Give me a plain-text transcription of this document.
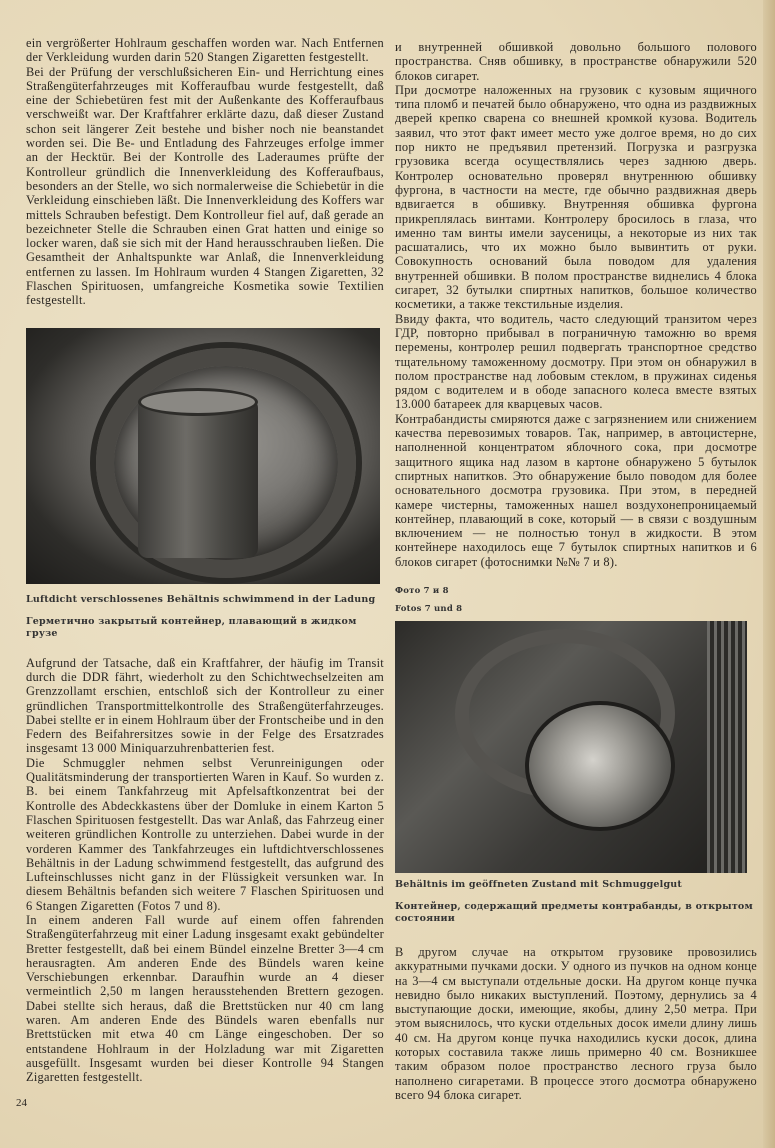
ein vergrößerter Hohlraum geschaffen worden war. Nach Entfernen der Verkleidung wurden darin 520 Stangen Zigaretten festgestellt.

Bei der Prüfung der verschlußsicheren Ein- und Herrichtung eines Straßengüterfahrzeuges mit Kofferaufbau wurde festgestellt, daß eine der Schiebetüren fest mit der Außenkante des Kofferaufbaus verschweißt war. Der Kraftfahrer erklärte dazu, daß dieser Zustand schon seit längerer Zeit bestehe und bisher noch nie beanstandet worden sei. Die Be- und Entladung des Fahrzeuges erfolge immer an der Hecktür. Bei der Kontrolle des Laderaumes prüfte der Kontrolleur gründlich die Innenverkleidung des Kofferaufbaus, besonders an der Stelle, wo sich normalerweise die Schiebetür in die Verkleidung einschieben läßt. Die Innenverkleidung des Koffers war mittels Schrauben befestigt. Dem Kontrolleur fiel auf, daß gerade an bezeichneter Stelle die Schrauben einen Grat hatten und einige so locker waren, daß sie sich mit der Hand herausschrauben ließen. Die Gesamtheit der Anhaltspunkte war Anlaß, die Innenverkleidung entfernen zu lassen. Im Hohlraum wurden 4 Stangen Zigaretten, 32 Flaschen Spirituosen, umfangreiche Kosmetika sowie Textilien festgestellt.

Luftdicht verschlossenes Behältnis schwimmend in der Ladung
Герметично закрытый контейнер, плавающий в жидком грузе

Aufgrund der Tatsache, daß ein Kraftfahrer, der häufig im Transit durch die DDR fährt, wiederholt zu den Schichtwechselzeiten am Grenzzollamt erschien, entschloß sich der Kontrolleur zu einer gründlichen Transportmittelkontrolle des Straßengüterfahrzeuges. Dabei stellte er in einem Hohlraum über der Frontscheibe und in den Federn des Beifahrersitzes sowie in der Felge des Ersatzrades insgesamt 13 000 Miniquarzuhrenbatterien fest.

Die Schmuggler nehmen selbst Verunreinigungen oder Qualitätsminderung der transportierten Waren in Kauf. So wurden z. B. bei einem Tankfahrzeug mit Apfelsaftkonzentrat bei der Kontrolle des Abdeckkastens über der Domluke in einem Karton 5 Flaschen Spirituosen festgestellt. Das war Anlaß, das Fahrzeug einer weiteren gründlichen Kontrolle zu unterziehen. Dabei wurde in der vorderen Kammer des Tankfahrzeuges ein luftdichtverschlossenes Behältnis in der Ladung schwimmend festgestellt, das aufgrund des Lufteinschlusses nicht ganz in der Flüssigkeit versunken war. In diesem Behältnis befanden sich weitere 7 Flaschen Spirituosen und 6 Stangen Zigaretten (Fotos 7 und 8).

In einem anderen Fall wurde auf einem offen fahrenden Straßengüterfahrzeug mit einer Ladung insgesamt exakt gebündelter Bretter festgestellt, daß bei einem Bündel einzelne Bretter 3—4 cm herausragten. Am anderen Ende des Bündels waren keine Verschiebungen erkennbar. Daraufhin wurde an 4 dieser vermeintlich 2,50 m langen herausstehenden Brettern gezogen. Dabei stellte sich heraus, daß die Brettstücken nur 40 cm lang waren. Am anderen Ende des Bündels waren ebenfalls nur Brettstücken mit etwa 40 cm Länge eingeschoben. Der so entstandene Hohlraum in der Holzladung war mit Zigaretten ausgefüllt. Insgesamt wurden bei dieser Kontrolle 94 Stangen Zigaretten festgestellt.

24

и внутренней обшивкой довольно большого полового пространства. Сняв обшивку, в пространстве обнаружили 520 блоков сигарет.

При досмотре наложенных на грузовик с кузовым ящичного типа пломб и печатей было обнаружено, что одна из раздвижных дверей крепко сварена со внешней кромкой кузова. Водитель заявил, что этот факт имеет место уже долгое время, но до сих пор никто не предъявил претензий. Погрузка и разгрузка грузовика всегда осуществлялись через заднюю дверь. Контролер основательно проверял внутреннюю обшивку фургона, в частности на месте, где обычно раздвижная дверь вдвигается в обшивку. Внутренняя обшивка фургона прикреплялась винтами. Контролеру бросилось в глаза, что именно там винты имели заусеницы, а некоторые из них так расшатались, что их можно было вывинтить от руки. Совокупность оснований была поводом для удаления внутренней обшивки. В полом пространстве виднелись 4 блока сигарет, 32 бутылки спиртных напитков, большое количество косметики, а также текстильные изделия.

Ввиду факта, что водитель, часто следующий транзитом через ГДР, повторно прибывал в пограничную таможню во время перемены, контролер решил подвергать транспортное средство тщательному таможенному досмотру. При этом он обнаружил в полом пространстве над лобовым стеклом, в пружинах сиденья рядом с водителем и в ободе запасного колеса вместе взятых 13.000 батареек для кварцевых часов.

Контрабандисты смиряются даже с загрязнением или снижением качества перевозимых товаров. Так, например, в автоцистерне, наполненной концентратом яблочного сока, при досмотре защитного ящика над лазом в картоне обнаружено 5 бутылок спиртных напитков. Это обнаружение было поводом для более основательного досмотра грузовика. При этом, в передней камере чистерны, таможенных нашел воздухонепроницаемый контейнер, плавающий в соке, который — в связи с воздушным включением — не полностью тонул в жидкости. В этом контейнере находилось еще 7 бутылок спиртных напитков и 6 блоков сигарет (фотоснимки №№ 7 и 8).

Фото 7 и 8
Fotos 7 und 8
Behältnis im geöffneten Zustand mit Schmuggelgut
Контейнер, содержащий предметы контрабанды, в открытом состоянии

В другом случае на открытом грузовике провозились аккуратными пучками доски. У одного из пучков на одном конце на 3—4 см выступали отдельные доски. На другом конце пучка невидно было никаких выступлений. Поэтому, дернулись за 4 выступающие доски, имеющие, якобы, длину 2,50 метра. При этом выяснилось, что куски отдельных досок имели длину лишь 40 см. На другом конце пучка находились куски досок, длина которых составила также лишь примерно 40 см. Возникшее таким образом полое пространство лесного груза было наполнено сигаретами. В процессе этого досмотра обнаружено всего 94 блока сигарет.
